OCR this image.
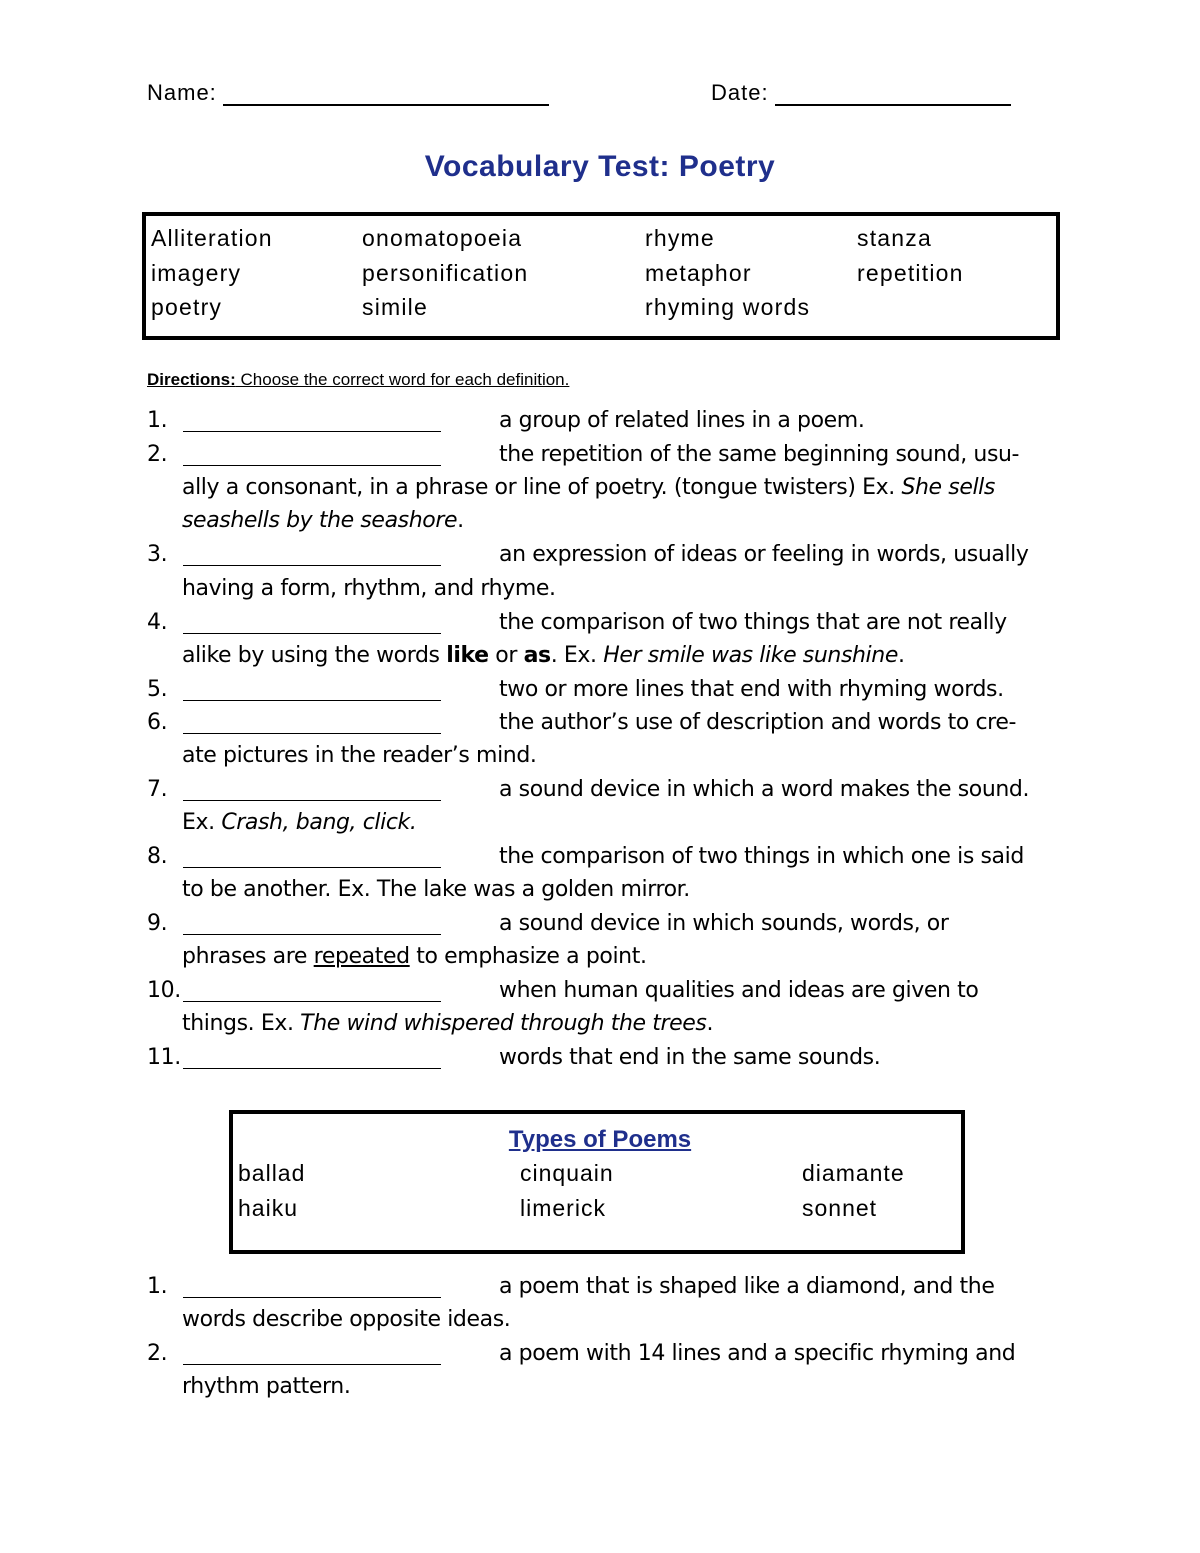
Name:	Date:
Vocabulary Test: Poetry
Alliteration	onomatopoeia	rhyme	stanza
imagery	personification	metaphor	repetition
poetry	simile	rhyming words
Directions: Choose the correct word for each definition.
1.	a group of related lines in a poem.
2.	the repetition of the same beginning sound, usu-
ally a consonant, in a phrase or line of poetry. (tongue twisters) Ex. She sells
seashells by the seashore.
3.	an expression of ideas or feeling in words, usually
having a form, rhythm, and rhyme.
4.	the comparison of two things that are not really
alike by using the words like or as. Ex. Her smile was like sunshine.
5.	two or more lines that end with rhyming words.
6.	the author’s use of description and words to cre-
ate pictures in the reader’s mind.
7.	a sound device in which a word makes the sound.
Ex. Crash, bang, click.
8.	the comparison of two things in which one is said
to be another. Ex. The lake was a golden mirror.
9.	a sound device in which sounds, words, or
phrases are repeated to emphasize a point.
10.	when human qualities and ideas are given to
things. Ex. The wind whispered through the trees.
11.	words that end in the same sounds.
Types of Poems
ballad	cinquain	diamante
haiku	limerick	sonnet
1.	a poem that is shaped like a diamond, and the
words describe opposite ideas.
2.	a poem with 14 lines and a specific rhyming and
rhythm pattern.
